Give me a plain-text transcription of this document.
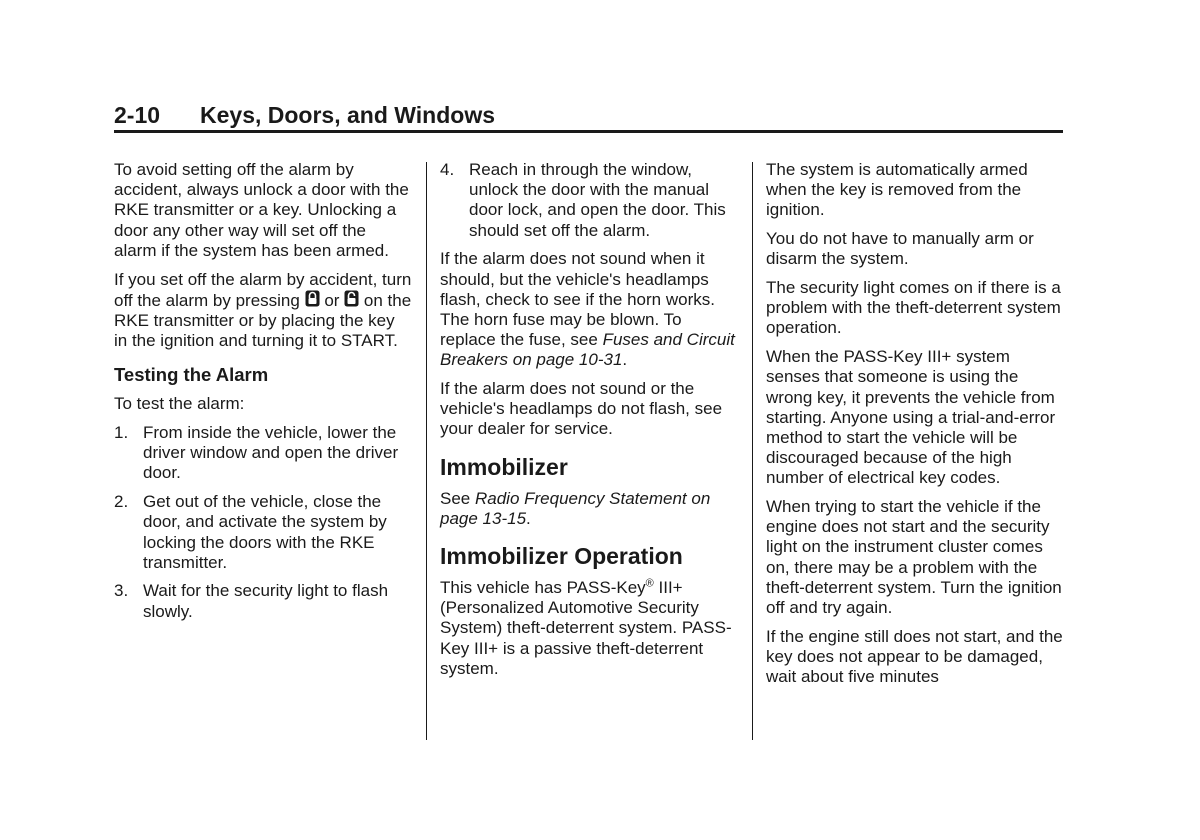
2-10 Keys, Doors, and Windows

To avoid setting off the alarm by accident, always unlock a door with the RKE transmitter or a key. Unlocking a door any other way will set off the alarm if the system has been armed.

If you set off the alarm by accident, turn off the alarm by pressing or on the RKE transmitter or by placing the key in the ignition and turning it to START.

Testing the Alarm

To test the alarm:

1. From inside the vehicle, lower the driver window and open the driver door.
2. Get out of the vehicle, close the door, and activate the system by locking the doors with the RKE transmitter.
3. Wait for the security light to flash slowly.
4. Reach in through the window, unlock the door with the manual door lock, and open the door. This should set off the alarm.

If the alarm does not sound when it should, but the vehicle's headlamps flash, check to see if the horn works. The horn fuse may be blown. To replace the fuse, see Fuses and Circuit Breakers on page 10-31.

If the alarm does not sound or the vehicle's headlamps do not flash, see your dealer for service.

Immobilizer

See Radio Frequency Statement on page 13-15.

Immobilizer Operation

This vehicle has PASS-Key® III+ (Personalized Automotive Security System) theft-deterrent system. PASS-Key III+ is a passive theft-deterrent system.

The system is automatically armed when the key is removed from the ignition.

You do not have to manually arm or disarm the system.

The security light comes on if there is a problem with the theft-deterrent system operation.

When the PASS-Key III+ system senses that someone is using the wrong key, it prevents the vehicle from starting. Anyone using a trial-and-error method to start the vehicle will be discouraged because of the high number of electrical key codes.

When trying to start the vehicle if the engine does not start and the security light on the instrument cluster comes on, there may be a problem with the theft-deterrent system. Turn the ignition off and try again.

If the engine still does not start, and the key does not appear to be damaged, wait about five minutes
